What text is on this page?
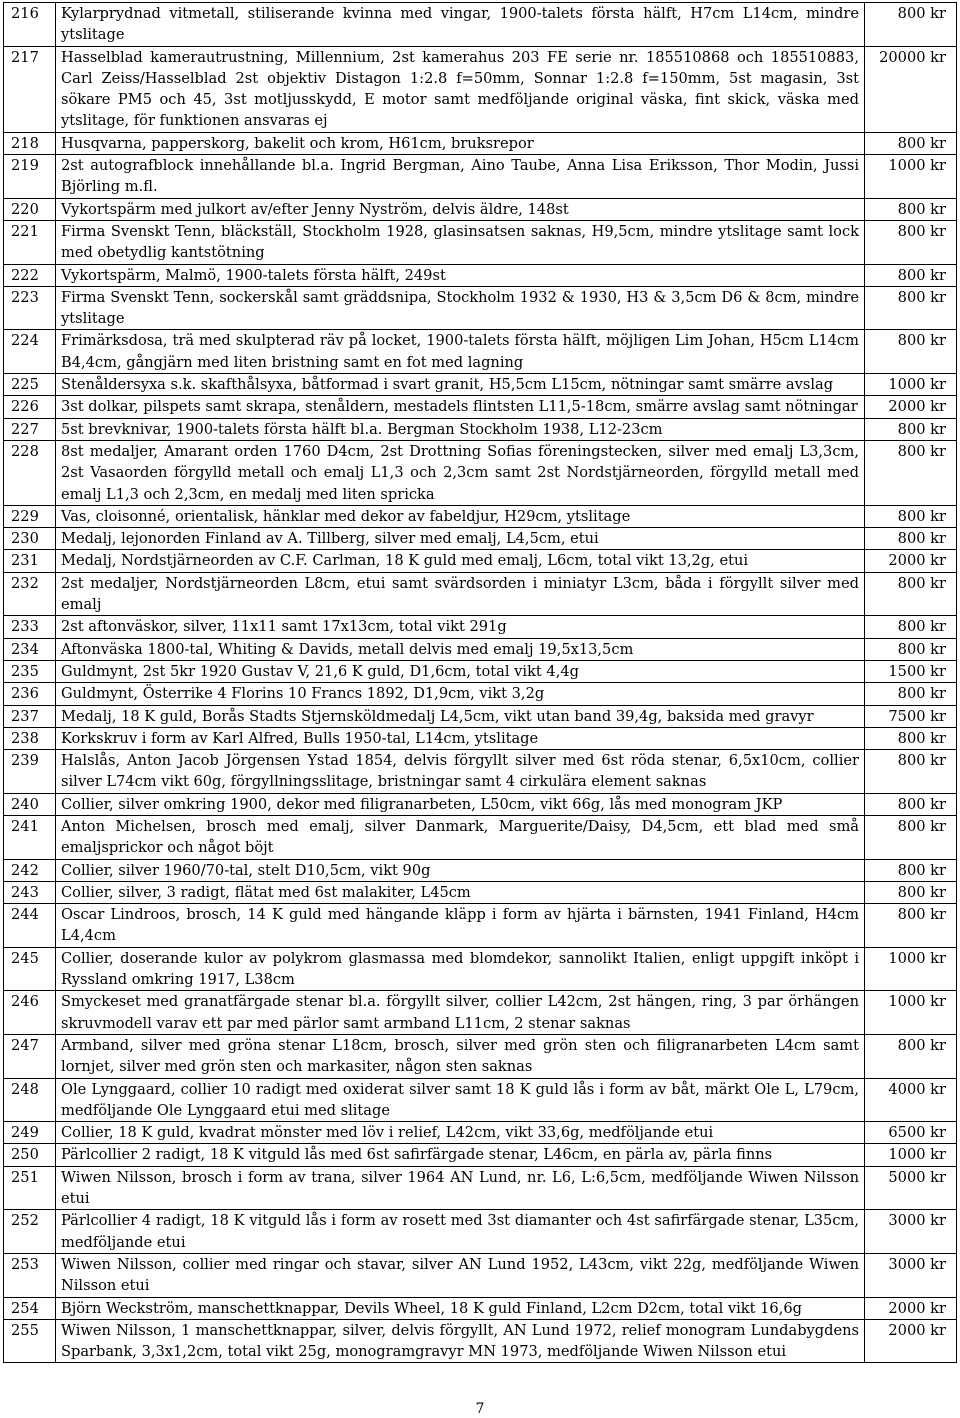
216	Kylarprydnad vitmetall, stiliserande kvinna med vingar, 1900-talets första hälft, H7cm L14cm, mindre ytslitage	800 kr
217	Hasselblad kamerautrustning, Millennium, 2st kamerahus 203 FE serie nr. 185510868 och 185510883, Carl Zeiss/Hasselblad 2st objektiv Distagon 1:2.8 f=50mm, Sonnar 1:2.8 f=150mm, 5st magasin, 3st sökare PM5 och 45, 3st motljusskydd, E motor samt medföljande original väska, fint skick, väska med ytslitage, för funktionen ansvaras ej	20000 kr
218	Husqvarna, papperskorg, bakelit och krom, H61cm, bruksrepor	800 kr
219	2st autografblock innehållande bl.a. Ingrid Bergman, Aino Taube, Anna Lisa Eriksson, Thor Modin, Jussi Björling m.fl.	1000 kr
220	Vykortspärm med julkort av/efter Jenny Nyström, delvis äldre, 148st	800 kr
221	Firma Svenskt Tenn, bläckställ, Stockholm 1928, glasinsatsen saknas, H9,5cm, mindre ytslitage samt lock med obetydlig kantstötning	800 kr
222	Vykortspärm, Malmö, 1900-talets första hälft, 249st	800 kr
223	Firma Svenskt Tenn, sockerskål samt gräddsnipa, Stockholm 1932 & 1930, H3 & 3,5cm D6 & 8cm, mindre ytslitage	800 kr
224	Frimärksdosa, trä med skulpterad räv på locket, 1900-talets första hälft, möjligen Lim Johan, H5cm L14cm B4,4cm, gångjärn med liten bristning samt en fot med lagning	800 kr
225	Stenåldersyxa s.k. skafthålsyxa, båtformad i svart granit, H5,5cm L15cm, nötningar samt smärre avslag	1000 kr
226	3st dolkar, pilspets samt skrapa, stenåldern, mestadels flintsten L11,5-18cm, smärre avslag samt nötningar	2000 kr
227	5st brevknivar, 1900-talets första hälft bl.a. Bergman Stockholm 1938, L12-23cm	800 kr
228	8st medaljer, Amarant orden 1760 D4cm, 2st Drottning Sofias föreningstecken, silver med emalj L3,3cm, 2st Vasaorden förgylld metall och emalj L1,3 och 2,3cm samt 2st Nordstjärneorden, förgylld metall med emalj L1,3 och 2,3cm, en medalj med liten spricka	800 kr
229	Vas, cloisonné, orientalisk, hänklar med dekor av fabeldjur, H29cm, ytslitage	800 kr
230	Medalj, lejonorden Finland av A. Tillberg, silver med emalj, L4,5cm, etui	800 kr
231	Medalj, Nordstjärneorden av C.F. Carlman, 18 K guld med emalj, L6cm, total vikt 13,2g, etui	2000 kr
232	2st medaljer, Nordstjärneorden L8cm, etui samt svärdsorden i miniatyr L3cm, båda i förgyllt silver med emalj	800 kr
233	2st aftonväskor, silver, 11x11 samt 17x13cm, total vikt 291g	800 kr
234	Aftonväska 1800-tal, Whiting & Davids, metall delvis med emalj 19,5x13,5cm	800 kr
235	Guldmynt, 2st 5kr 1920 Gustav V, 21,6 K guld, D1,6cm, total vikt 4,4g	1500 kr
236	Guldmynt, Österrike 4 Florins 10 Francs 1892, D1,9cm, vikt 3,2g	800 kr
237	Medalj, 18 K guld, Borås Stadts Stjernsköldmedalj L4,5cm, vikt utan band 39,4g, baksida med gravyr	7500 kr
238	Korkskruv i form av Karl Alfred, Bulls 1950-tal, L14cm, ytslitage	800 kr
239	Halslås, Anton Jacob Jörgensen Ystad 1854, delvis förgyllt silver med 6st röda stenar, 6,5x10cm, collier silver L74cm vikt 60g, förgyllningsslitage, bristningar samt 4 cirkulära element saknas	800 kr
240	Collier, silver omkring 1900, dekor med filigranarbeten, L50cm, vikt 66g, lås med monogram JKP	800 kr
241	Anton Michelsen, brosch med emalj, silver Danmark, Marguerite/Daisy, D4,5cm, ett blad med små emaljsprickor och något böjt	800 kr
242	Collier, silver 1960/70-tal, stelt D10,5cm, vikt 90g	800 kr
243	Collier, silver, 3 radigt, flätat med 6st malakiter, L45cm	800 kr
244	Oscar Lindroos, brosch, 14 K guld med hängande kläpp i form av hjärta i bärnsten, 1941 Finland, H4cm L4,4cm	800 kr
245	Collier, doserande kulor av polykrom glasmassa med blomdekor, sannolikt Italien, enligt uppgift inköpt i Ryssland omkring 1917, L38cm	1000 kr
246	Smyckeset med granatfärgade stenar bl.a. förgyllt silver, collier L42cm, 2st hängen, ring, 3 par örhängen skruvmodell varav ett par med pärlor samt armband L11cm, 2 stenar saknas	1000 kr
247	Armband, silver med gröna stenar L18cm, brosch, silver med grön sten och filigranarbeten L4cm samt lornjet, silver med grön sten och markasiter, någon sten saknas	800 kr
248	Ole Lynggaard, collier 10 radigt med oxiderat silver samt 18 K guld lås i form av båt, märkt Ole L, L79cm, medföljande Ole Lynggaard etui med slitage	4000 kr
249	Collier, 18 K guld, kvadrat mönster med löv i relief, L42cm, vikt 33,6g, medföljande etui	6500 kr
250	Pärlcollier 2 radigt, 18 K vitguld lås med 6st safirfärgade stenar, L46cm, en pärla av, pärla finns	1000 kr
251	Wiwen Nilsson, brosch i form av trana, silver 1964 AN Lund, nr. L6, L:6,5cm, medföljande Wiwen Nilsson etui	5000 kr
252	Pärlcollier 4 radigt, 18 K vitguld lås i form av rosett med 3st diamanter och 4st safirfärgade stenar, L35cm, medföljande etui	3000 kr
253	Wiwen Nilsson, collier med ringar och stavar, silver AN Lund 1952, L43cm, vikt 22g, medföljande Wiwen Nilsson etui	3000 kr
254	Björn Weckström, manschettknappar, Devils Wheel, 18 K guld Finland, L2cm D2cm, total vikt 16,6g	2000 kr
255	Wiwen Nilsson, 1 manschettknappar, silver, delvis förgyllt, AN Lund 1972, relief monogram Lundabygdens Sparbank, 3,3x1,2cm, total vikt 25g, monogramgravyr MN 1973, medföljande Wiwen Nilsson etui	2000 kr
7
